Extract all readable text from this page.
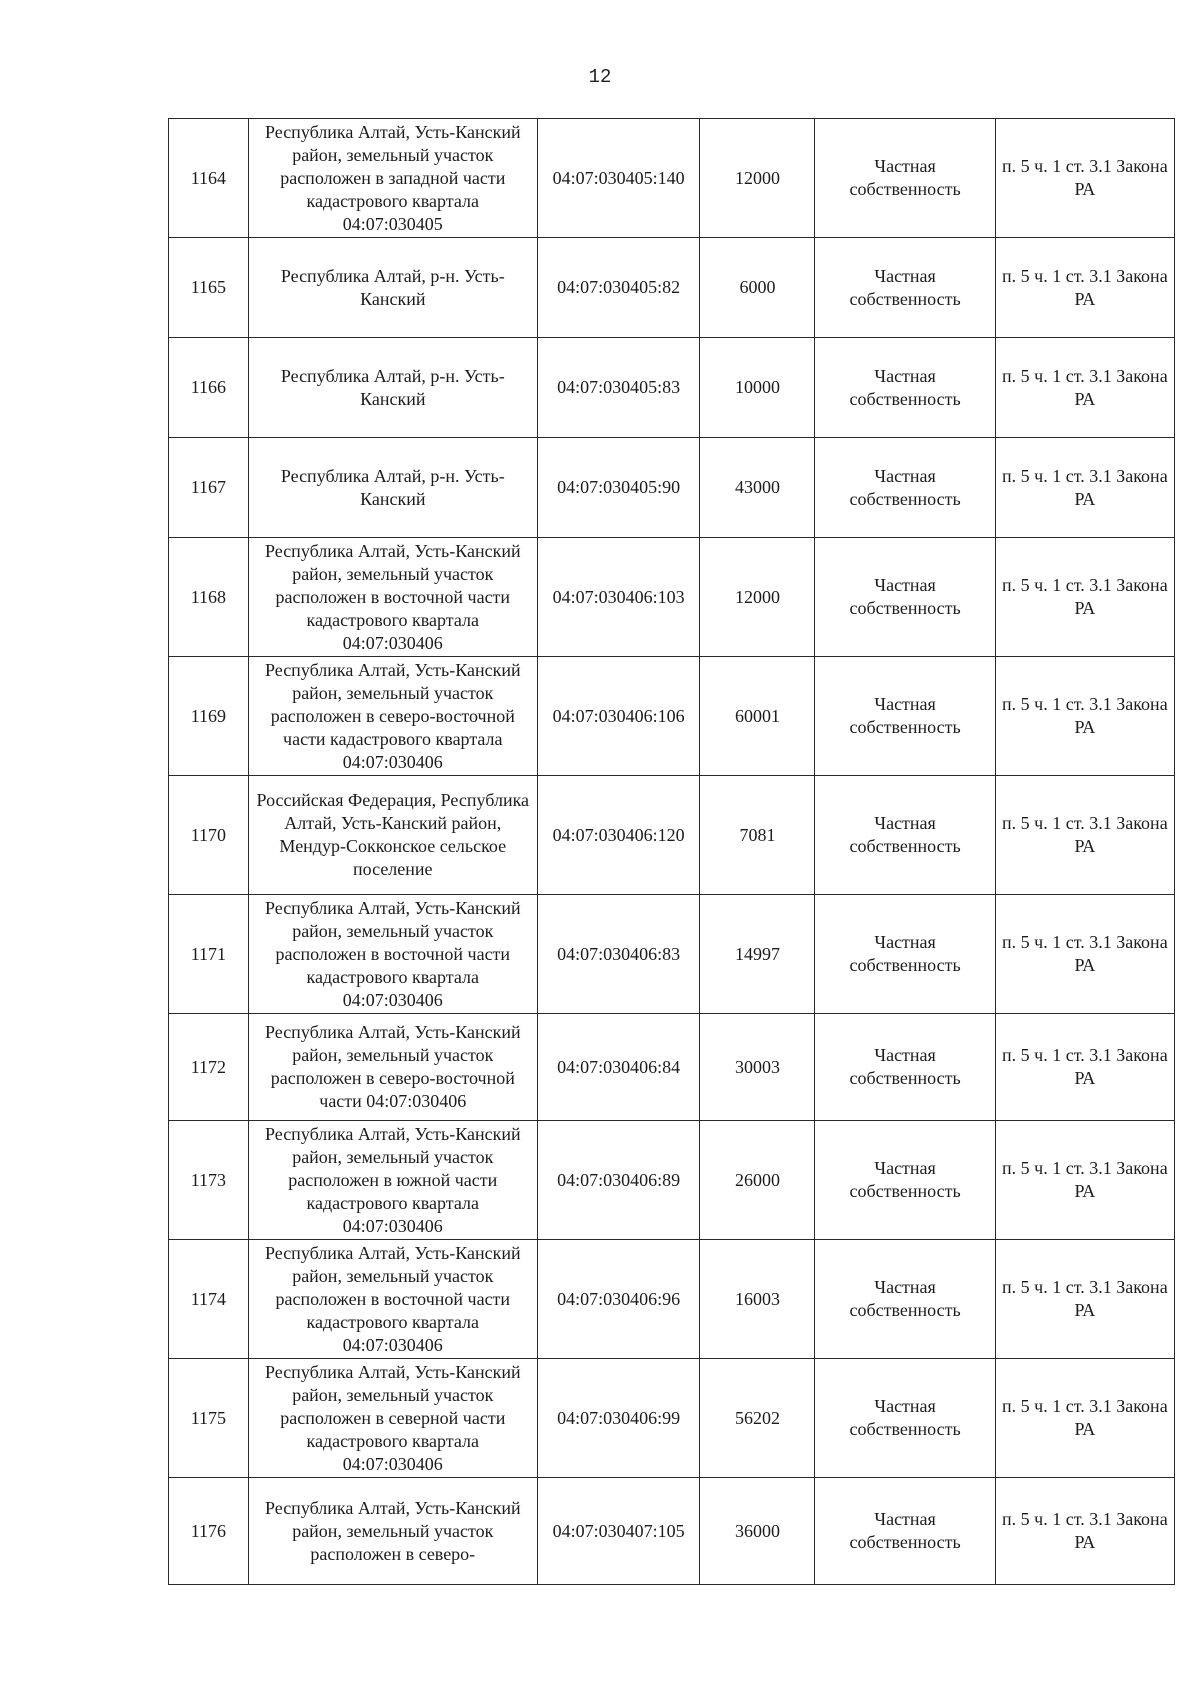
12
1164	Республика Алтай, Усть-Канский район, земельный участок расположен в западной части кадастрового квартала 04:07:030405	04:07:030405:140	12000	Частная собственность	п. 5 ч. 1 ст. 3.1 Закона РА
1165	Республика Алтай, р-н. Усть-Канский	04:07:030405:82	6000	Частная собственность	п. 5 ч. 1 ст. 3.1 Закона РА
1166	Республика Алтай, р-н. Усть-Канский	04:07:030405:83	10000	Частная собственность	п. 5 ч. 1 ст. 3.1 Закона РА
1167	Республика Алтай, р-н. Усть-Канский	04:07:030405:90	43000	Частная собственность	п. 5 ч. 1 ст. 3.1 Закона РА
1168	Республика Алтай, Усть-Канский район, земельный участок расположен в восточной части кадастрового квартала 04:07:030406	04:07:030406:103	12000	Частная собственность	п. 5 ч. 1 ст. 3.1 Закона РА
1169	Республика Алтай, Усть-Канский район, земельный участок расположен в северо-восточной части кадастрового квартала 04:07:030406	04:07:030406:106	60001	Частная собственность	п. 5 ч. 1 ст. 3.1 Закона РА
1170	Российская Федерация, Республика Алтай, Усть-Канский район, Мендур-Сокконское сельское поселение	04:07:030406:120	7081	Частная собственность	п. 5 ч. 1 ст. 3.1 Закона РА
1171	Республика Алтай, Усть-Канский район, земельный участок расположен в восточной части кадастрового квартала 04:07:030406	04:07:030406:83	14997	Частная собственность	п. 5 ч. 1 ст. 3.1 Закона РА
1172	Республика Алтай, Усть-Канский район, земельный участок расположен в северо-восточной части 04:07:030406	04:07:030406:84	30003	Частная собственность	п. 5 ч. 1 ст. 3.1 Закона РА
1173	Республика Алтай, Усть-Канский район, земельный участок расположен в южной части кадастрового квартала 04:07:030406	04:07:030406:89	26000	Частная собственность	п. 5 ч. 1 ст. 3.1 Закона РА
1174	Республика Алтай, Усть-Канский район, земельный участок расположен в восточной части кадастрового квартала 04:07:030406	04:07:030406:96	16003	Частная собственность	п. 5 ч. 1 ст. 3.1 Закона РА
1175	Республика Алтай, Усть-Канский район, земельный участок расположен в северной части кадастрового квартала 04:07:030406	04:07:030406:99	56202	Частная собственность	п. 5 ч. 1 ст. 3.1 Закона РА
1176	Республика Алтай, Усть-Канский район, земельный участок расположен в северо-	04:07:030407:105	36000	Частная собственность	п. 5 ч. 1 ст. 3.1 Закона РА
